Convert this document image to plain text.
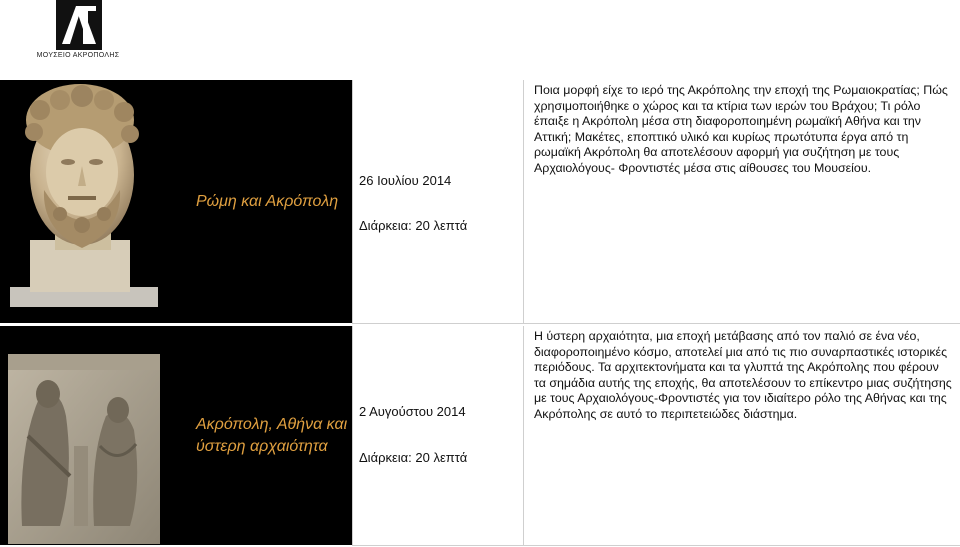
ΜΟΥΣΕΙΟ ΑΚΡΟΠΟΛΗΣ
Ρώμη και Ακρόπολη
26 Ιουλίου 2014
Διάρκεια: 20 λεπτά
Ποια μορφή είχε το ιερό της Ακρόπολης την εποχή της Ρωμαιοκρατίας; Πώς χρησιμοποιήθηκε ο χώρος και τα κτίρια των ιερών του Βράχου; Τι ρόλο έπαιξε η Ακρόπολη μέσα στη διαφοροποιημένη ρωμαϊκή Αθήνα και την Αττική; Μακέτες, εποπτικό υλικό και κυρίως πρωτότυπα έργα από τη ρωμαϊκή Ακρόπολη θα αποτελέσουν αφορμή για συζήτηση με τους Αρχαιολόγους- Φροντιστές μέσα στις αίθουσες του Μουσείου.
Ακρόπολη, Αθήνα και ύστερη αρχαιότητα
2 Αυγούστου 2014
Διάρκεια: 20 λεπτά
Η ύστερη αρχαιότητα, μια εποχή μετάβασης από τον παλιό σε ένα νέο, διαφοροποιημένο κόσμο, αποτελεί μια από τις πιο συναρπαστικές ιστορικές περιόδους. Τα αρχιτεκτονήματα και τα γλυπτά της Ακρόπολης που φέρουν τα σημάδια αυτής της εποχής, θα αποτελέσουν το επίκεντρο μιας συζήτησης με τους Αρχαιολόγους-Φροντιστές για τον ιδιαίτερο ρόλο της Αθήνας και της Ακρόπολης σε αυτό το περιπετειώδες διάστημα.
